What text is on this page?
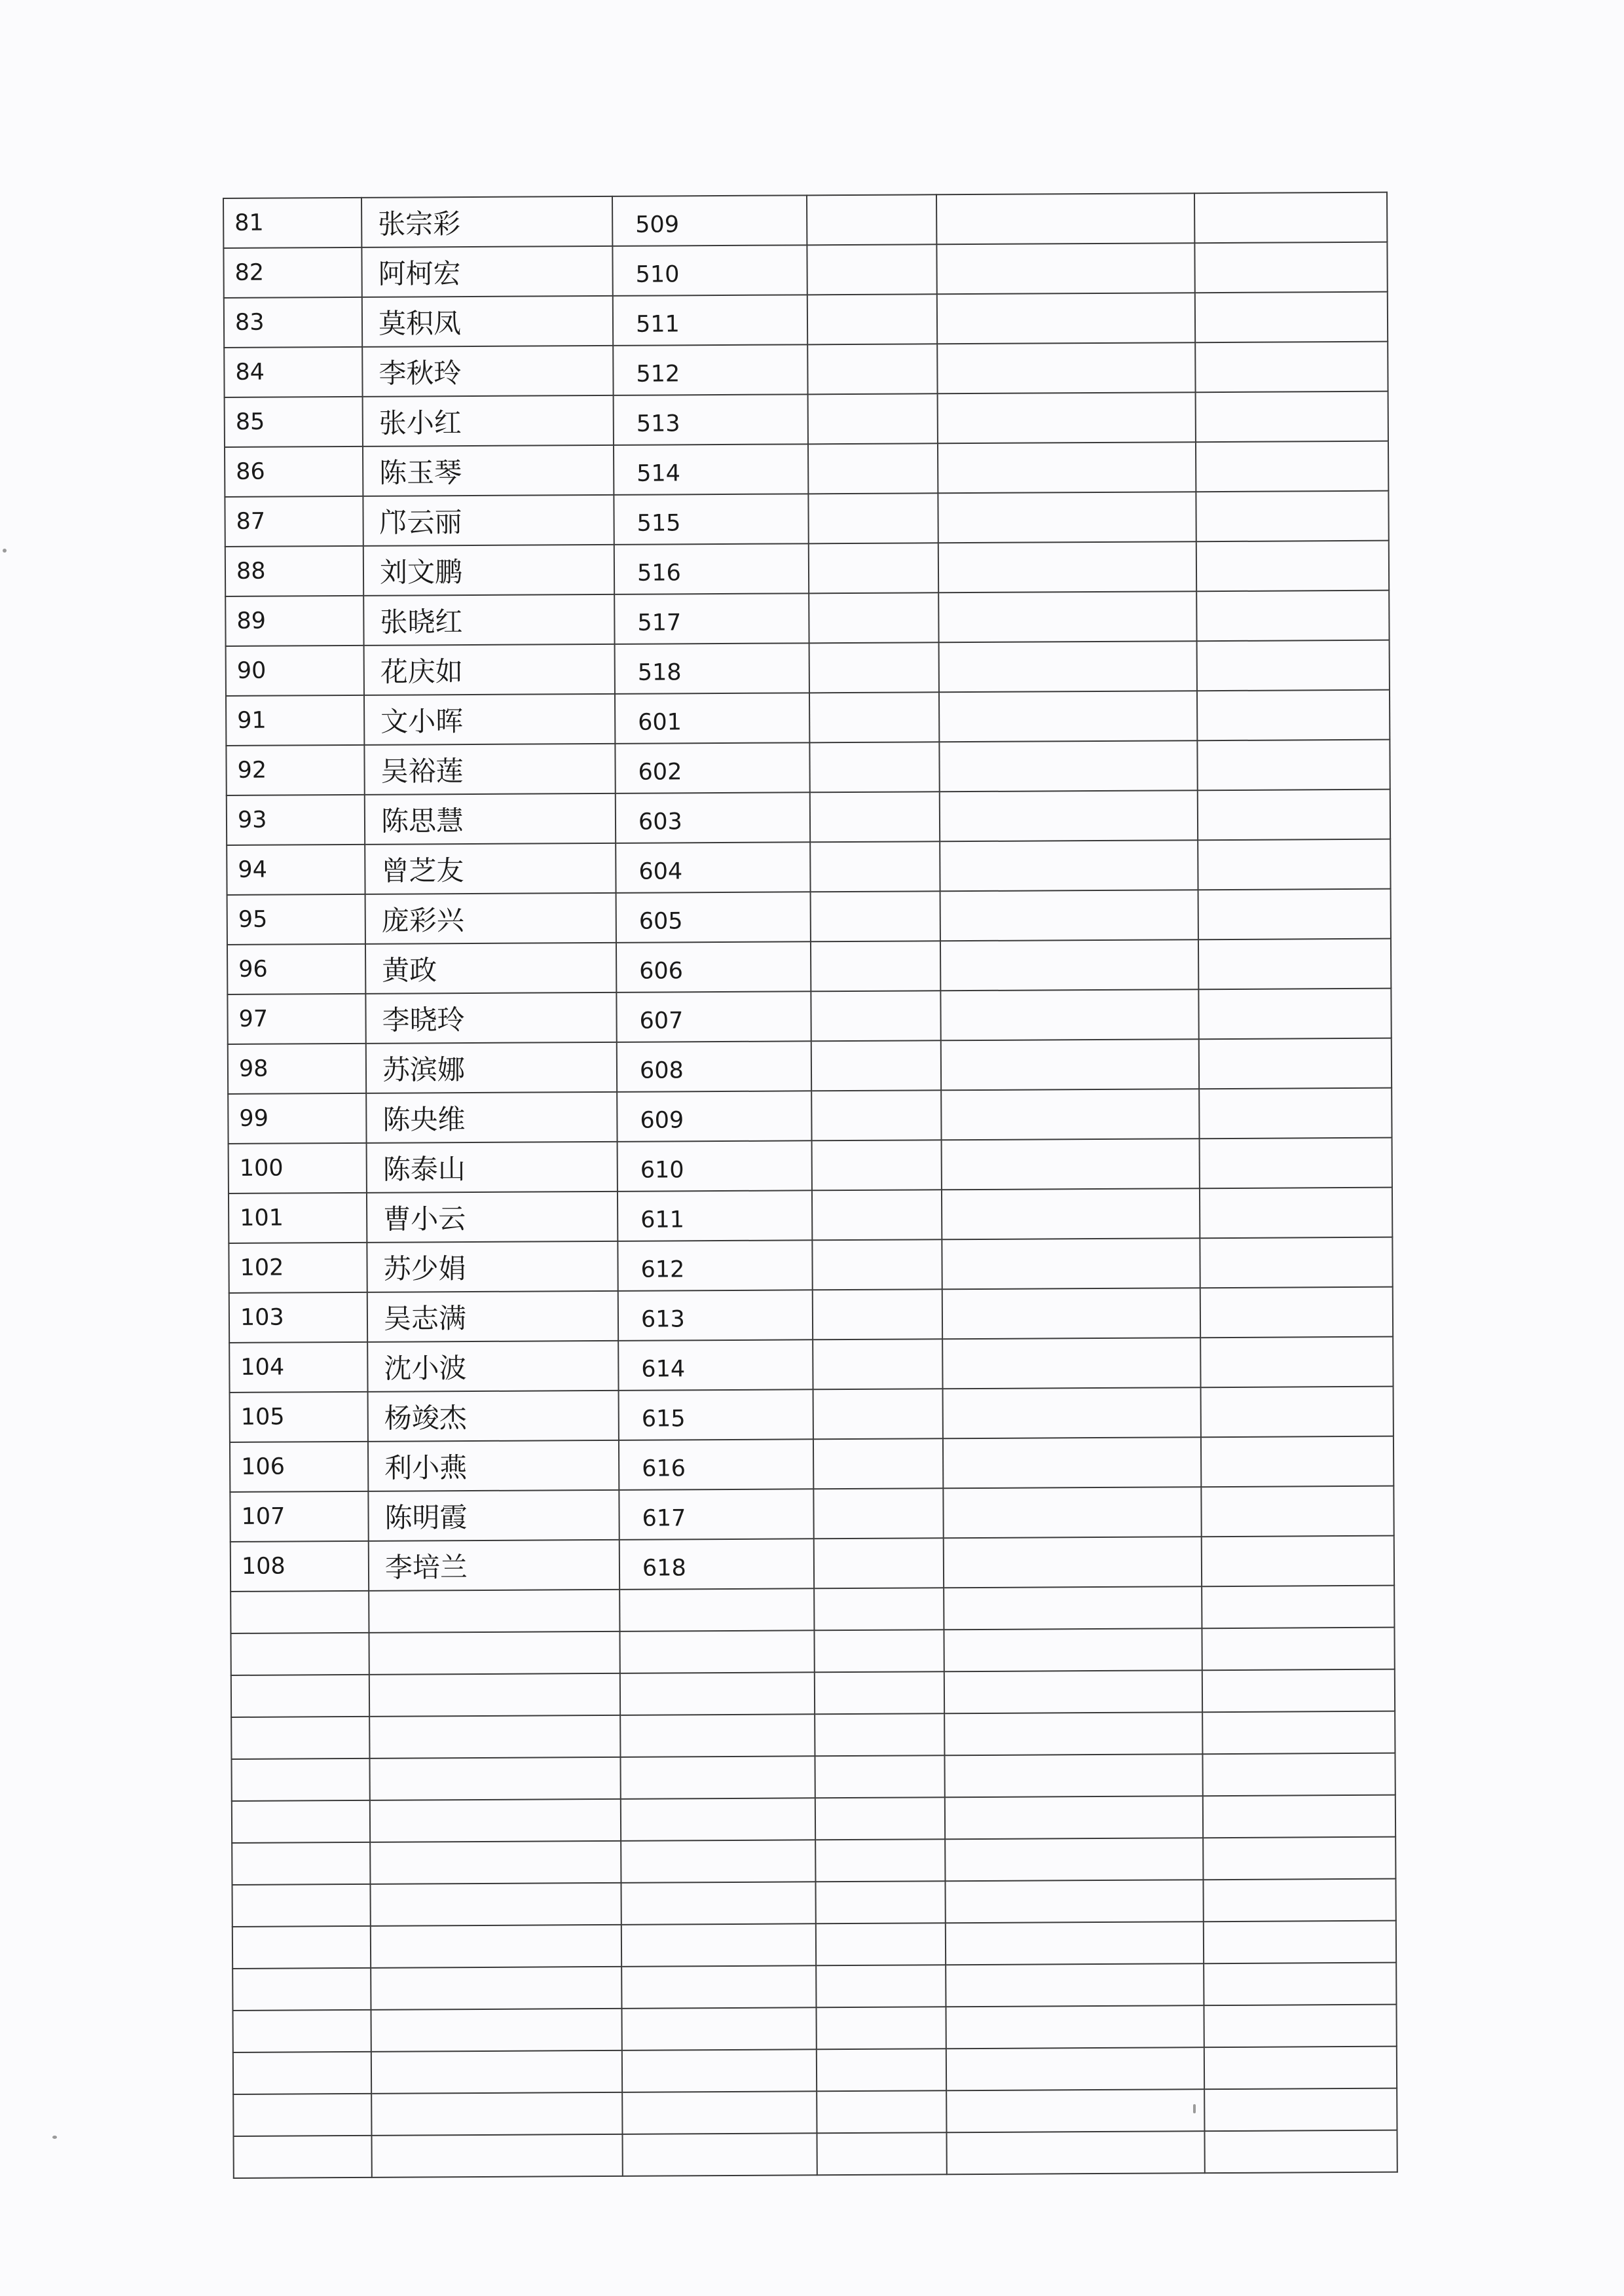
81	张宗彩	509			
82	阿柯宏	510			
83	莫积凤	511			
84	李秋玲	512			
85	张小红	513			
86	陈玉琴	514			
87	邝云丽	515			
88	刘文鹏	516			
89	张晓红	517			
90	花庆如	518			
91	文小晖	601			
92	吴裕莲	602			
93	陈思慧	603			
94	曾芝友	604			
95	庞彩兴	605			
96	黄政	606			
97	李晓玲	607			
98	苏滨娜	608			
99	陈央维	609			
100	陈泰山	610			
101	曹小云	611			
102	苏少娟	612			
103	吴志满	613			
104	沈小波	614			
105	杨竣杰	615			
106	利小燕	616			
107	陈明霞	617			
108	李培兰	618			
